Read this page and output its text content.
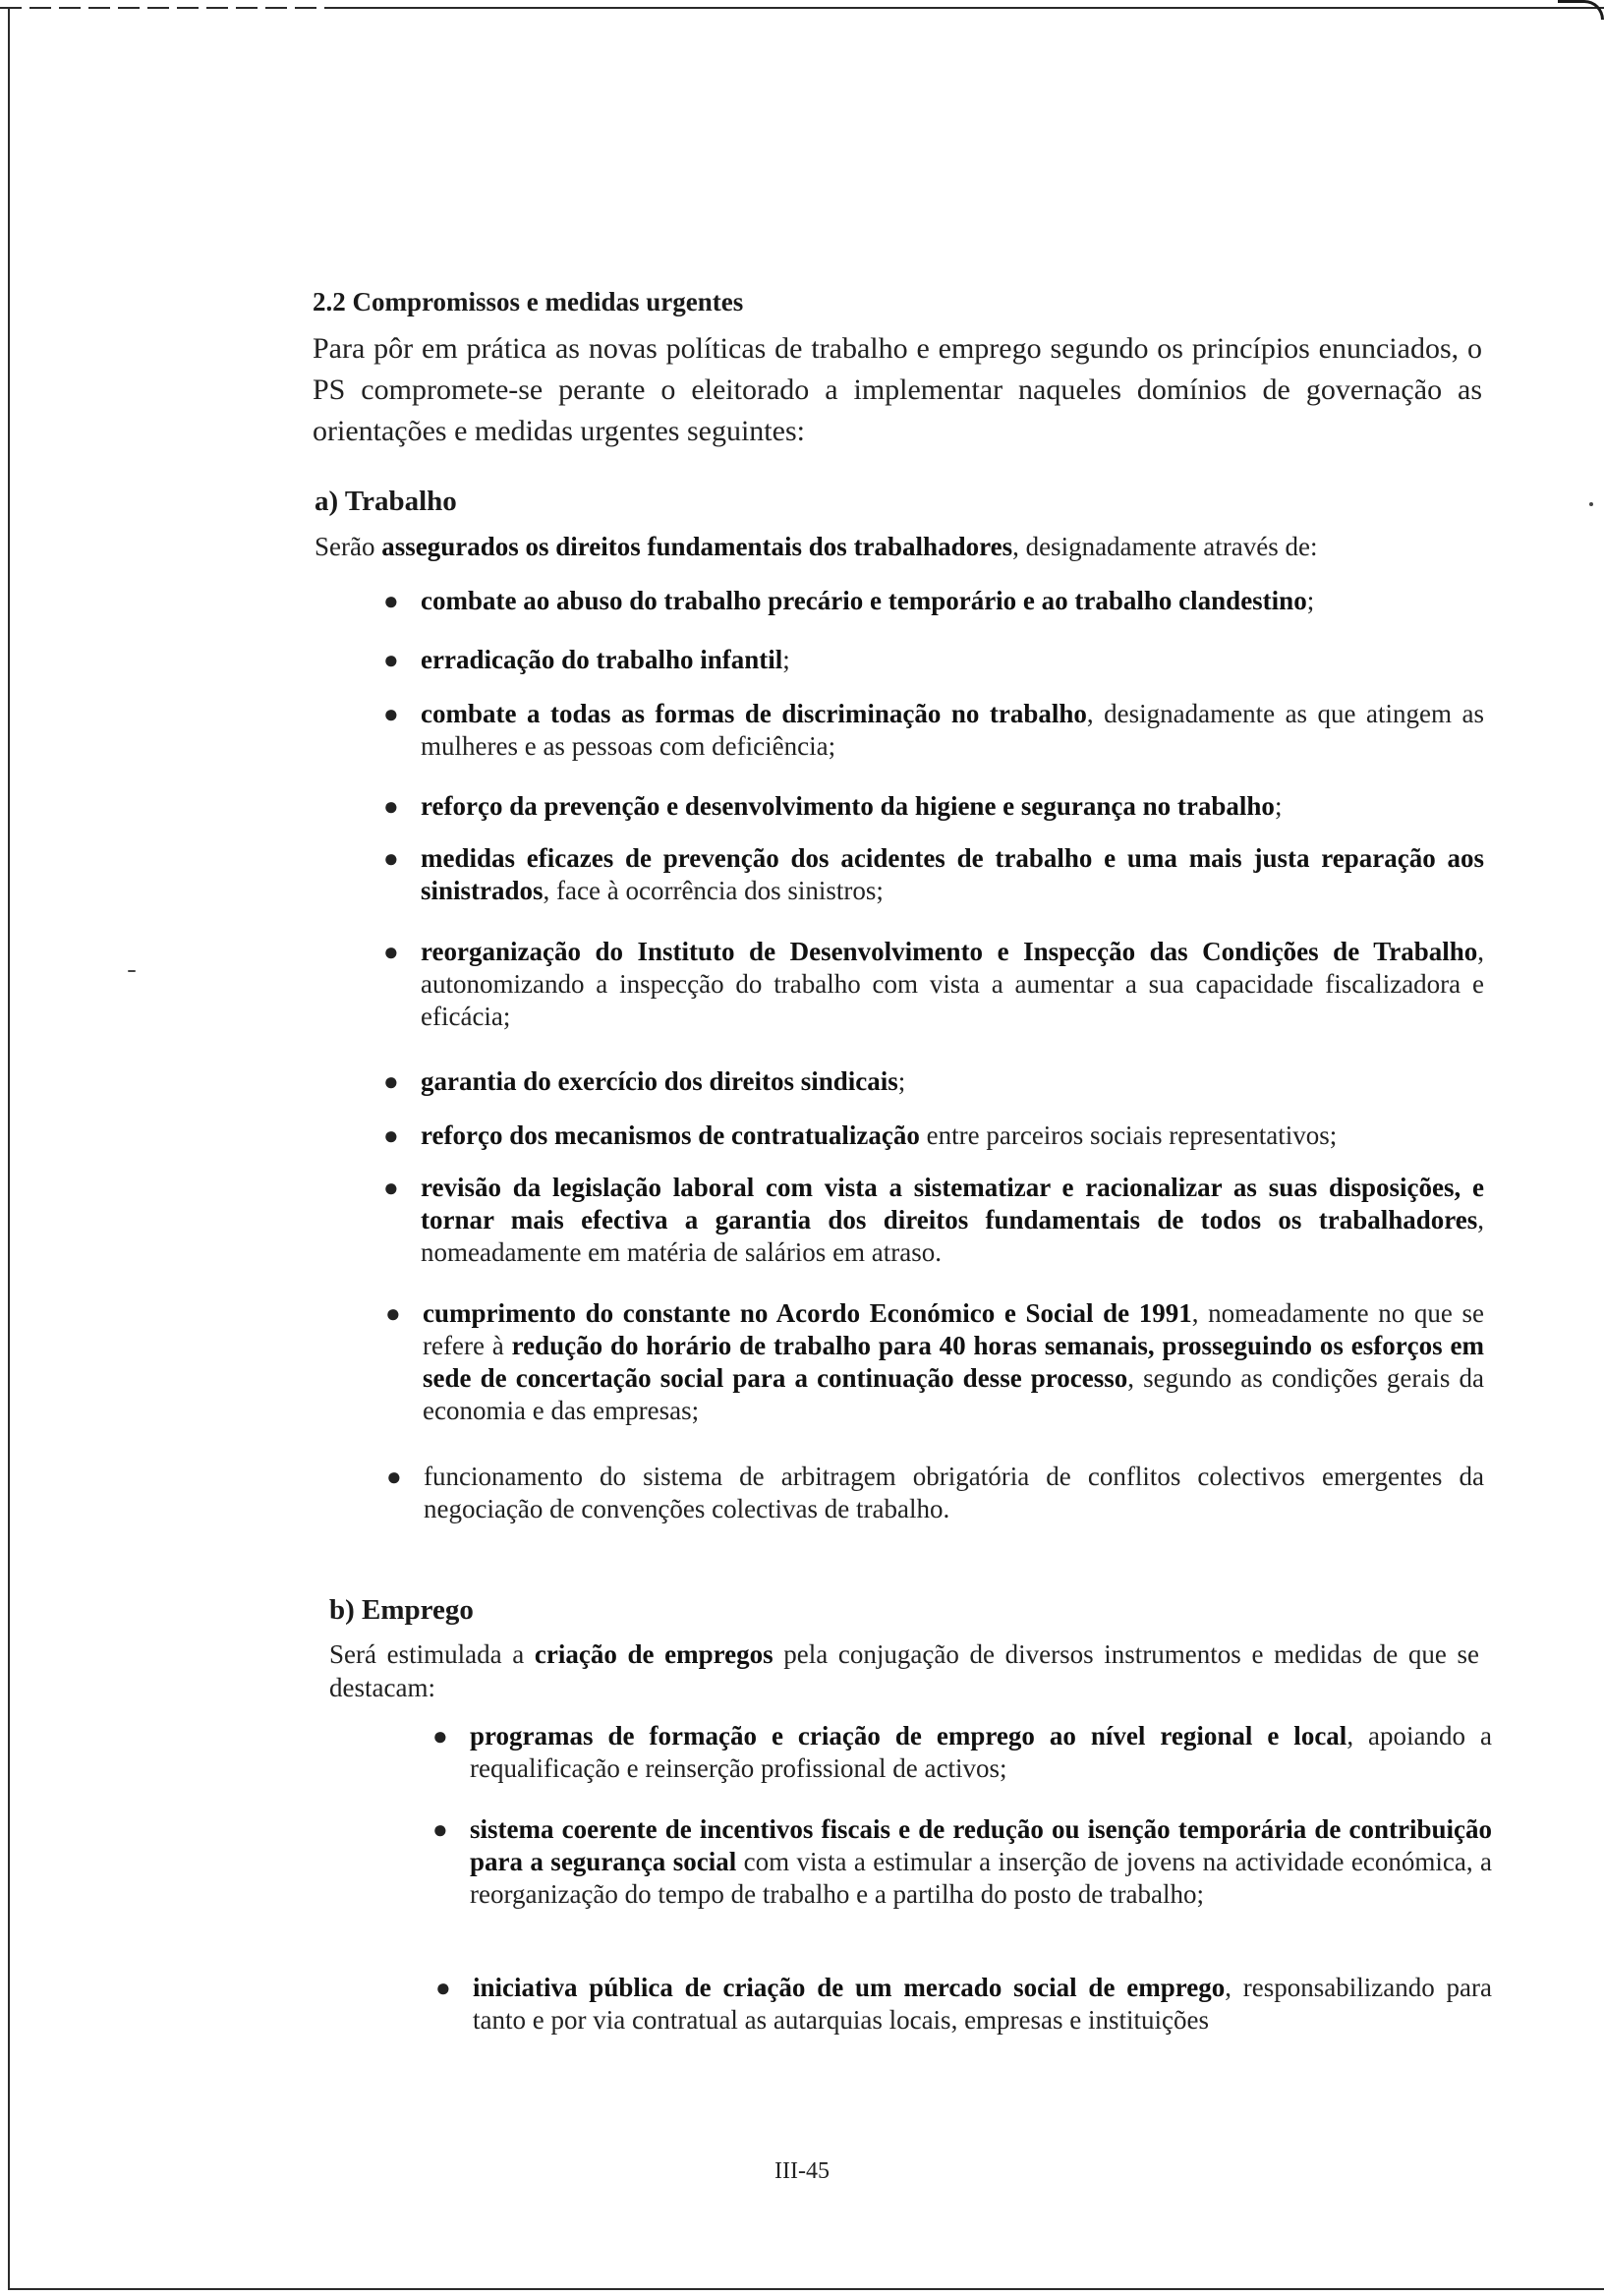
2.2 Compromissos e medidas urgentes

Para pôr em prática as novas políticas de trabalho e emprego segundo os princípios enunciados, o PS compromete-se perante o eleitorado a implementar naqueles domínios de governação as orientações e medidas urgentes seguintes:

a) Trabalho

Serão assegurados os direitos fundamentais dos trabalhadores, designadamente através de:

● combate ao abuso do trabalho precário e temporário e ao trabalho clandestino;
● erradicação do trabalho infantil;
● combate a todas as formas de discriminação no trabalho, designadamente as que atingem as mulheres e as pessoas com deficiência;
● reforço da prevenção e desenvolvimento da higiene e segurança no trabalho;
● medidas eficazes de prevenção dos acidentes de trabalho e uma mais justa reparação aos sinistrados, face à ocorrência dos sinistros;
● reorganização do Instituto de Desenvolvimento e Inspecção das Condições de Trabalho, autonomizando a inspecção do trabalho com vista a aumentar a sua capacidade fiscalizadora e eficácia;
● garantia do exercício dos direitos sindicais;
● reforço dos mecanismos de contratualização entre parceiros sociais representativos;
● revisão da legislação laboral com vista a sistematizar e racionalizar as suas disposições, e tornar mais efectiva a garantia dos direitos fundamentais de todos os trabalhadores, nomeadamente em matéria de salários em atraso.
● cumprimento do constante no Acordo Económico e Social de 1991, nomeadamente no que se refere à redução do horário de trabalho para 40 horas semanais, prosseguindo os esforços em sede de concertação social para a continuação desse processo, segundo as condições gerais da economia e das empresas;
● funcionamento do sistema de arbitragem obrigatória de conflitos colectivos emergentes da negociação de convenções colectivas de trabalho.
b) Emprego

Será estimulada a criação de empregos pela conjugação de diversos instrumentos e medidas de que se destacam:

● programas de formação e criação de emprego ao nível regional e local, apoiando a requalificação e reinserção profissional de activos;
● sistema coerente de incentivos fiscais e de redução ou isenção temporária de contribuição para a segurança social com vista a estimular a inserção de jovens na actividade económica, a reorganização do tempo de trabalho e a partilha do posto de trabalho;
● iniciativa pública de criação de um mercado social de emprego, responsabilizando para tanto e por via contratual as autarquias locais, empresas e instituições
III-45
